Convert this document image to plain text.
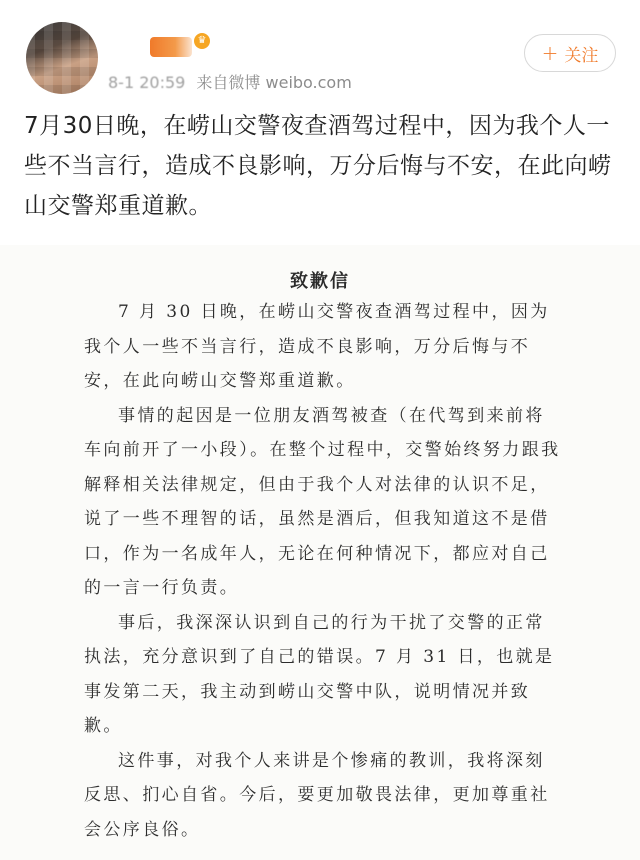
♛
8-1 20:59 来自微博 weibo.com
+ 关注
7月30日晚，在崂山交警夜查酒驾过程中，因为我个人一些不当言行，造成不良影响，万分后悔与不安，在此向崂山交警郑重道歉。
致歉信

7 月 30 日晚，在崂山交警夜查酒驾过程中，因为我个人一些不当言行，造成不良影响，万分后悔与不安，在此向崂山交警郑重道歉。

事情的起因是一位朋友酒驾被查（在代驾到来前将车向前开了一小段）。在整个过程中，交警始终努力跟我解释相关法律规定，但由于我个人对法律的认识不足，说了一些不理智的话，虽然是酒后，但我知道这不是借口，作为一名成年人，无论在何种情况下，都应对自己的一言一行负责。

事后，我深深认识到自己的行为干扰了交警的正常执法，充分意识到了自己的错误。7 月 31 日，也就是事发第二天，我主动到崂山交警中队，说明情况并致歉。

这件事，对我个人来讲是个惨痛的教训，我将深刻反思、扪心自省。今后，要更加敬畏法律，更加尊重社会公序良俗。
